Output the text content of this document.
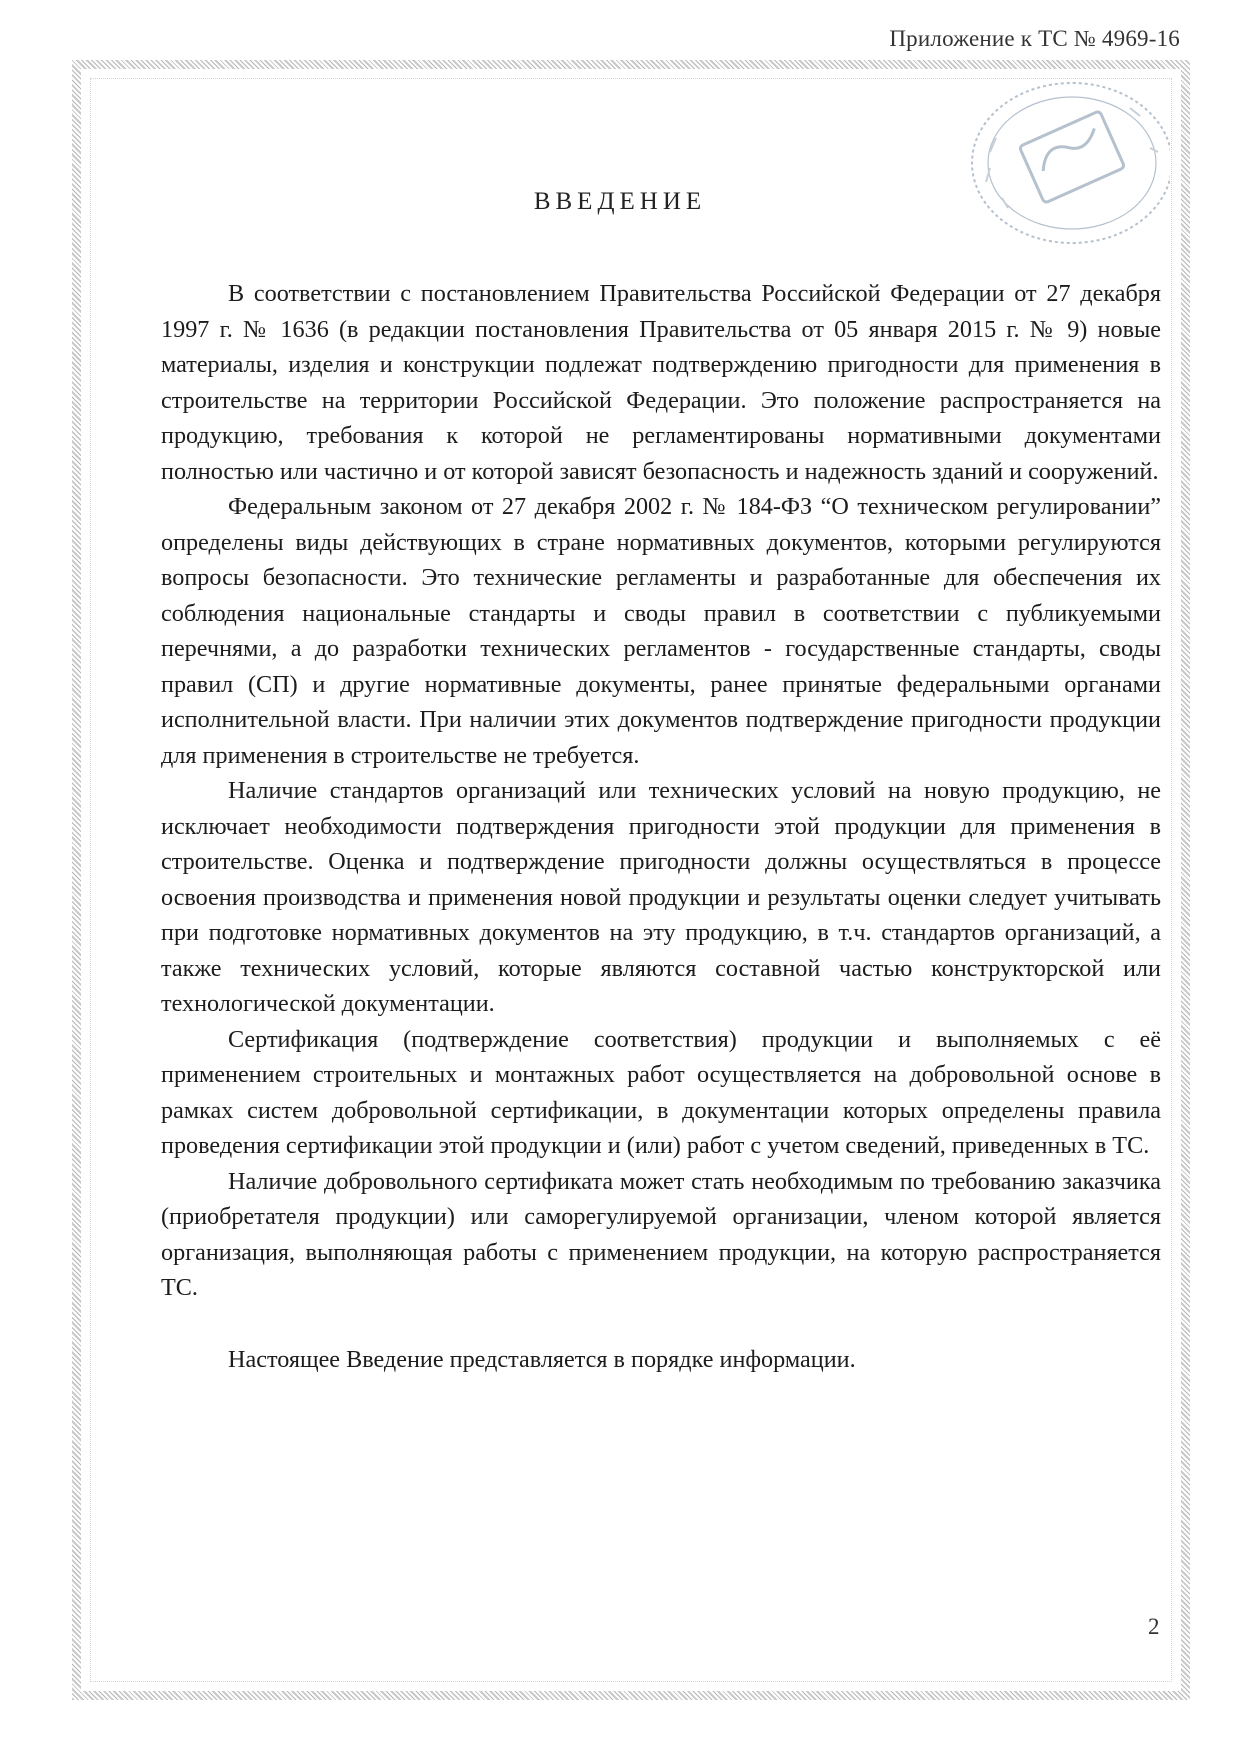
Приложение к ТС № 4969-16
ВВЕДЕНИЕ

В соответствии с постановлением Правительства Российской Федерации от 27 декабря 1997 г. № 1636 (в редакции постановления Правительства от 05 января 2015 г. № 9) новые материалы, изделия и конструкции подлежат подтверждению пригодности для применения в строительстве на территории Российской Федерации. Это положение распространяется на продукцию, требования к которой не регламентированы нормативными документами полностью или частично и от которой зависят безопасность и надежность зданий и сооружений.

Федеральным законом от 27 декабря 2002 г. № 184-ФЗ “О техническом регулировании” определены виды действующих в стране нормативных документов, которыми регулируются вопросы безопасности. Это технические регламенты и разработанные для обеспечения их соблюдения национальные стандарты и своды правил в соответствии с публикуемыми перечнями, а до разработки технических регламентов - государственные стандарты, своды правил (СП) и другие нормативные документы, ранее принятые федеральными органами исполнительной власти. При наличии этих документов подтверждение пригодности продукции для применения в строительстве не требуется.

Наличие стандартов организаций или технических условий на новую продукцию, не исключает необходимости подтверждения пригодности этой продукции для применения в строительстве. Оценка и подтверждение пригодности должны осуществляться в процессе освоения производства и применения новой продукции и результаты оценки следует учитывать при подготовке нормативных документов на эту продукцию, в т.ч. стандартов организаций, а также технических условий, которые являются составной частью конструкторской или технологической документации.

Сертификация (подтверждение соответствия) продукции и выполняемых с её применением строительных и монтажных работ осуществляется на добровольной основе в рамках систем добровольной сертификации, в документации которых определены правила проведения сертификации этой продукции и (или) работ с учетом сведений, приведенных в ТС.

Наличие добровольного сертификата может стать необходимым по требованию заказчика (приобретателя продукции) или саморегулируемой организации, членом которой является организация, выполняющая работы с применением продукции, на которую распространяется ТС.

Настоящее Введение представляется в порядке информации.

2
